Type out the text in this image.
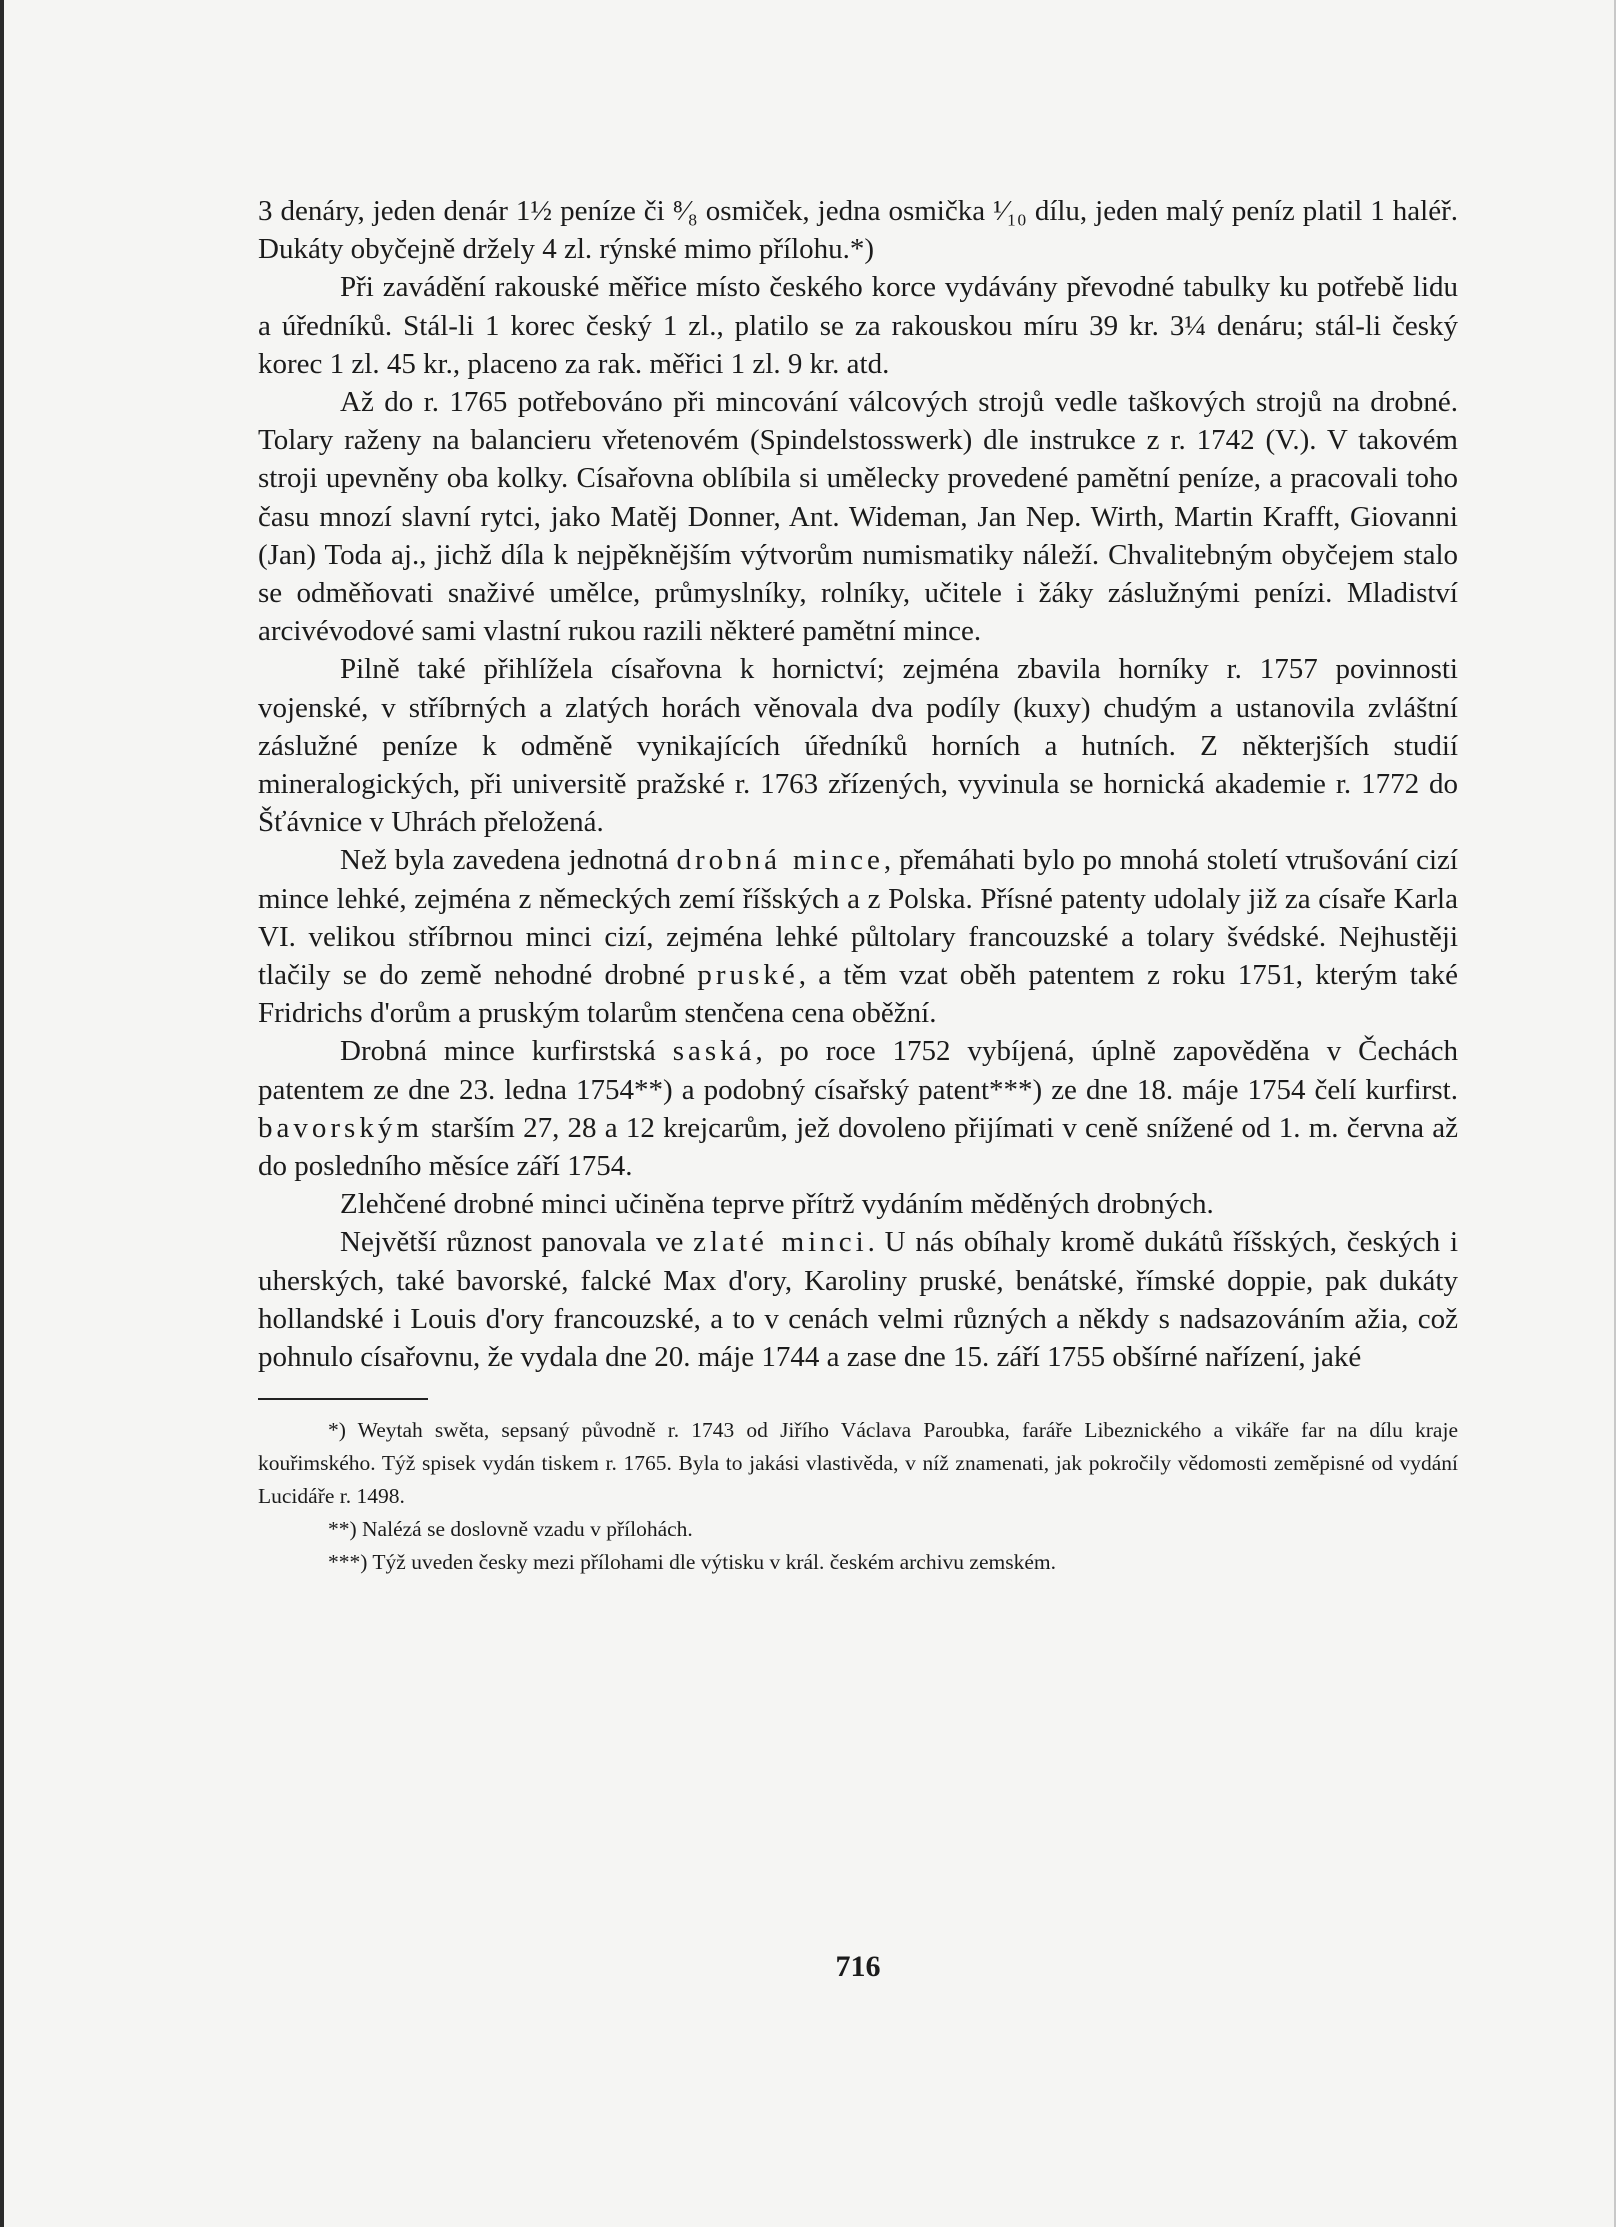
3 denáry, jeden denár 1½ peníze či ⁸⁄₈ osmiček, jedna osmička ¹⁄₁₀ dílu, jeden malý peníz platil 1 haléř. Dukáty obyčejně držely 4 zl. rýnské mimo přílohu.*)

Při zavádění rakouské měřice místo českého korce vydávány převodné tabulky ku potřebě lidu a úředníků. Stál-li 1 korec český 1 zl., platilo se za rakouskou míru 39 kr. 3¼ denáru; stál-li český korec 1 zl. 45 kr., placeno za rak. měřici 1 zl. 9 kr. atd.

Až do r. 1765 potřebováno při mincování válcových strojů vedle taškových strojů na drobné. Tolary raženy na balancieru vřetenovém (Spindelstosswerk) dle instrukce z r. 1742 (V.). V takovém stroji upevněny oba kolky. Císařovna oblíbila si umělecky provedené pamětní peníze, a pracovali toho času mnozí slavní rytci, jako Matěj Donner, Ant. Wideman, Jan Nep. Wirth, Martin Krafft, Giovanni (Jan) Toda aj., jichž díla k nejpěknějším výtvorům numismatiky náleží. Chvalitebným obyčejem stalo se odměňovati snaživé umělce, průmyslníky, rolníky, učitele i žáky záslužnými penízi. Mladiství arcivévodové sami vlastní rukou razili některé pamětní mince.

Pilně také přihlížela císařovna k hornictví; zejména zbavila horníky r. 1757 povinnosti vojenské, v stříbrných a zlatých horách věnovala dva podíly (kuxy) chudým a ustanovila zvláštní záslužné peníze k odměně vynikajících úředníků horních a hutních. Z některjších studií mineralogických, při universitě pražské r. 1763 zřízených, vyvinula se hornická akademie r. 1772 do Šťávnice v Uhrách přeložená.

Než byla zavedena jednotná drobná mince, přemáhati bylo po mnohá století vtrušování cizí mince lehké, zejména z německých zemí říšských a z Polska. Přísné patenty udolaly již za císaře Karla VI. velikou stříbrnou minci cizí, zejména lehké půltolary francouzské a tolary švédské. Nejhustěji tlačily se do země nehodné drobné pruské, a těm vzat oběh patentem z roku 1751, kterým také Fridrichs d'orům a pruským tolarům stenčena cena oběžní.

Drobná mince kurfirstská saská, po roce 1752 vybíjená, úplně zapověděna v Čechách patentem ze dne 23. ledna 1754**) a podobný císařský patent***) ze dne 18. máje 1754 čelí kurfirst. bavorským starším 27, 28 a 12 krejcarům, jež dovoleno přijímati v ceně snížené od 1. m. června až do posledního měsíce září 1754.

Zlehčené drobné minci učiněna teprve přítrž vydáním měděných drobných.

Největší různost panovala ve zlaté minci. U nás obíhaly kromě dukátů říšských, českých i uherských, také bavorské, falcké Max d'ory, Karoliny pruské, benátské, římské doppie, pak dukáty hollandské i Louis d'ory francouzské, a to v cenách velmi různých a někdy s nadsazováním ažia, což pohnulo císařovnu, že vydala dne 20. máje 1744 a zase dne 15. září 1755 obšírné nařízení, jaké

*) Weytah swěta, sepsaný původně r. 1743 od Jiřího Václava Paroubka, faráře Libeznického a vikáře far na dílu kraje kouřimského. Týž spisek vydán tiskem r. 1765. Byla to jakási vlastivěda, v níž znamenati, jak pokročily vědomosti zeměpisné od vydání Lucidáře r. 1498.

**) Nalézá se doslovně vzadu v přílohách.

***) Týž uveden česky mezi přílohami dle výtisku v král. českém archivu zemském.

716
